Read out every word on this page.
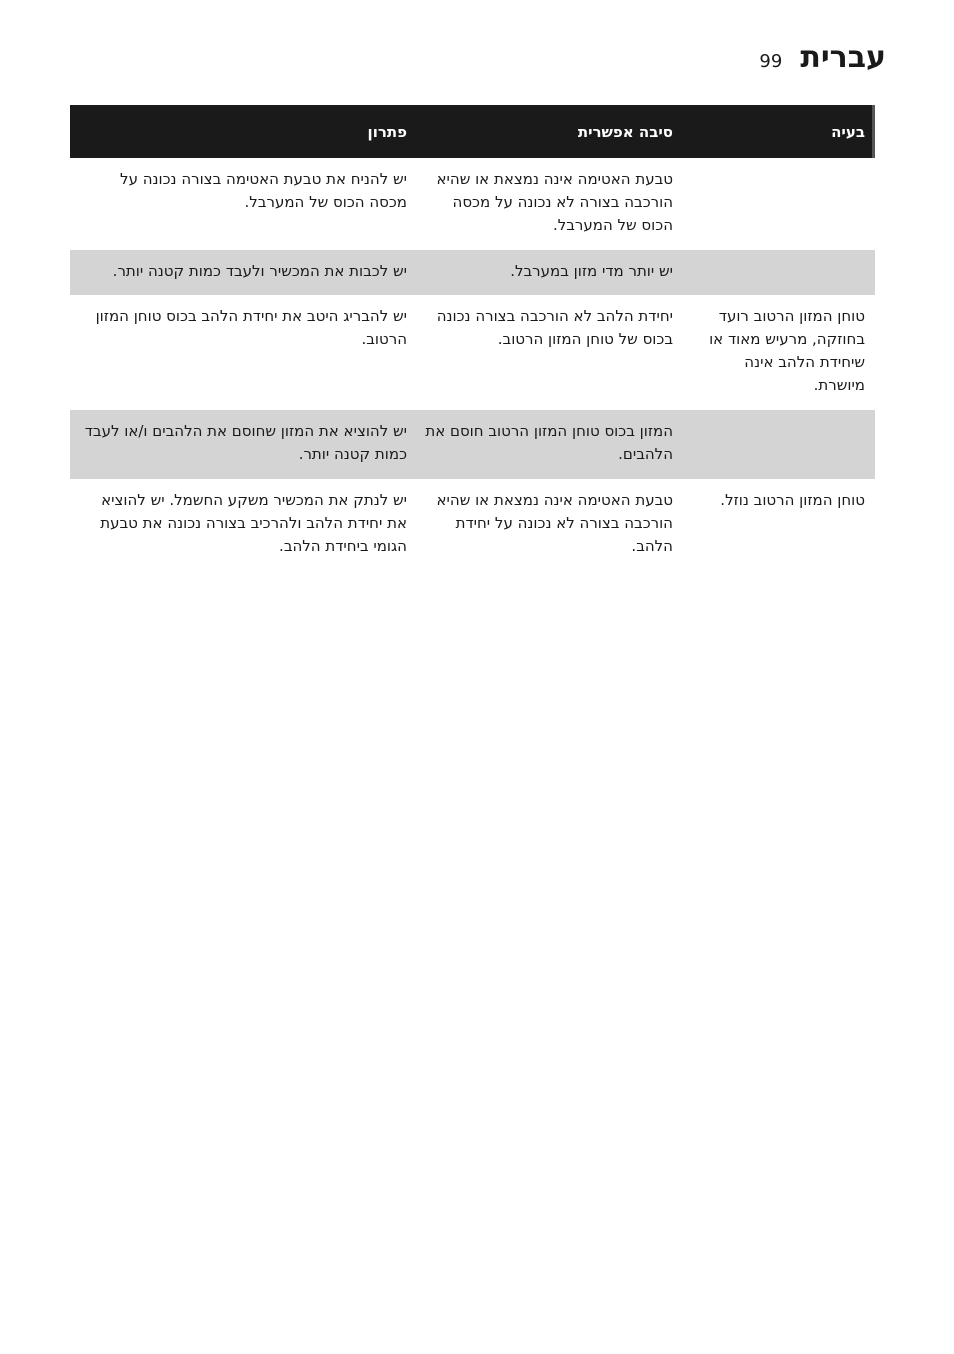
99 עברית
בעיה
סיבה אפשרית
פתרון
טבעת האטימה אינה נמצאת או שהיא הורכבה בצורה לא נכונה על מכסה הכוס של המערבל.
יש להניח את טבעת האטימה בצורה נכונה על מכסה הכוס של המערבל.
יש יותר מדי מזון במערבל.
יש לכבות את המכשיר ולעבד כמות קטנה יותר.
טוחן המזון הרטוב רועד בחוזקה, מרעיש מאוד או שיחידת הלהב אינה מיושרת.
יחידת הלהב לא הורכבה בצורה נכונה בכוס של טוחן המזון הרטוב.
יש להבריג היטב את יחידת הלהב בכוס טוחן המזון הרטוב.
המזון בכוס טוחן המזון הרטוב חוסם את הלהבים.
יש להוציא את המזון שחוסם את הלהבים ו/או לעבד כמות קטנה יותר.
טוחן המזון הרטוב נוזל.
טבעת האטימה אינה נמצאת או שהיא הורכבה בצורה לא נכונה על יחידת הלהב.
יש לנתק את המכשיר משקע החשמל. יש להוציא את יחידת הלהב ולהרכיב בצורה נכונה את טבעת הגומי ביחידת הלהב.
